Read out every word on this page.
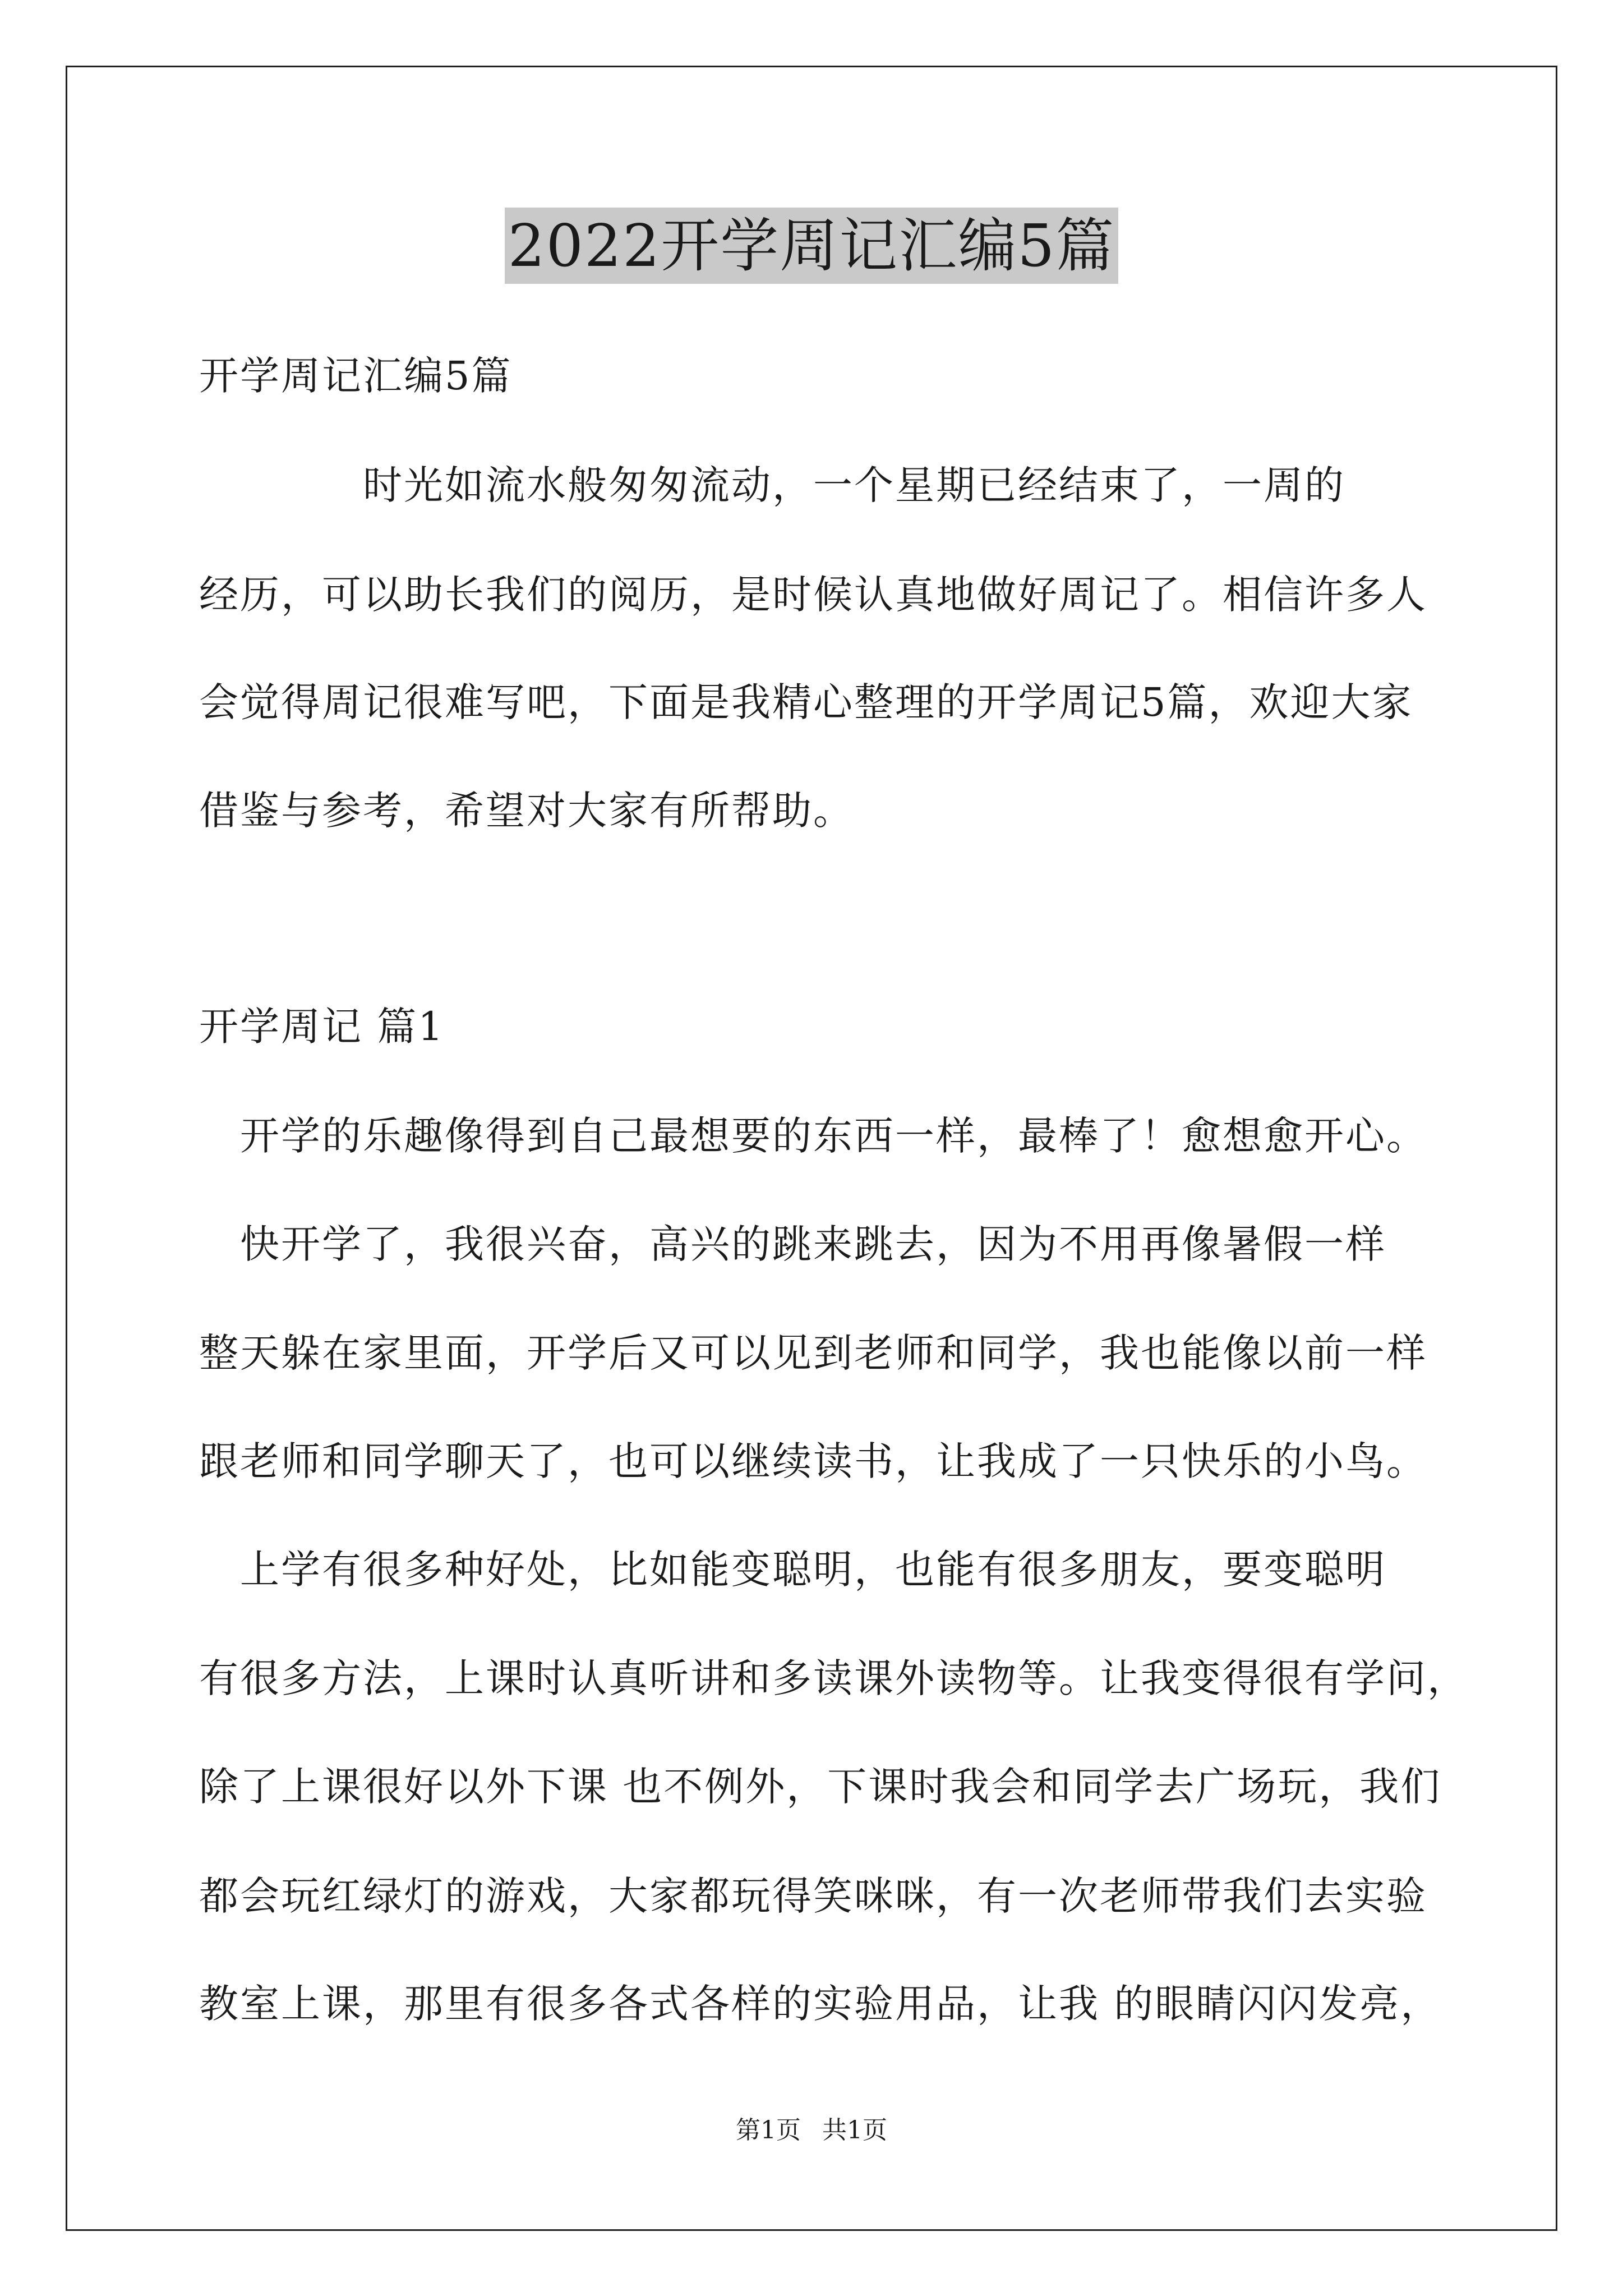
2022开学周记汇编5篇
开学周记汇编5篇
　　　　时光如流水般匆匆流动，一个星期已经结束了，一周的
经历，可以助长我们的阅历，是时候认真地做好周记了。相信许多人
会觉得周记很难写吧，下面是我精心整理的开学周记5篇，欢迎大家
借鉴与参考，希望对大家有所帮助。
开学周记 篇1
　开学的乐趣像得到自己最想要的东西一样，最棒了！愈想愈开心。
　快开学了，我很兴奋，高兴的跳来跳去，因为不用再像暑假一样
整天躲在家里面，开学后又可以见到老师和同学，我也能像以前一样
跟老师和同学聊天了，也可以继续读书，让我成了一只快乐的小鸟。
　上学有很多种好处，比如能变聪明，也能有很多朋友，要变聪明
有很多方法，上课时认真听讲和多读课外读物等。让我变得很有学问，
除了上课很好以外下课 也不例外，下课时我会和同学去广场玩，我们
都会玩红绿灯的游戏，大家都玩得笑咪咪，有一次老师带我们去实验
教室上课，那里有很多各式各样的实验用品，让我 的眼睛闪闪发亮，
第1页 共1页
